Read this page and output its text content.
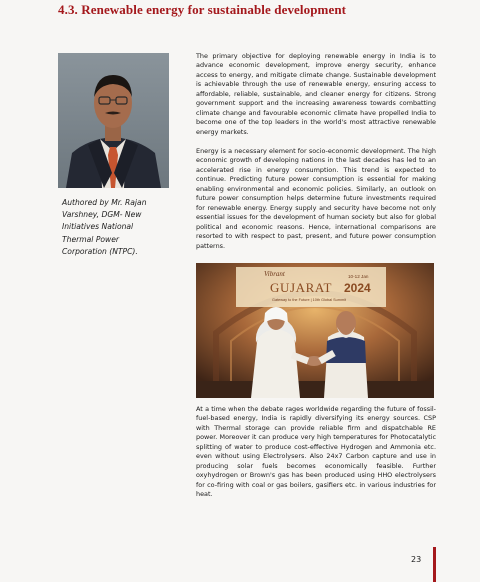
4.3. Renewable energy for sustainable development
Authored by Mr. Rajan Varshney, DGM- New Initiatives National Thermal Power Corporation (NTPC).

The primary objective for deploying renewable energy in India is to advance economic development, improve energy security, enhance access to energy, and mitigate climate change. Sustainable development is achievable through the use of renewable energy, ensuring access to affordable, reliable, sustainable, and cleaner energy for citizens. Strong government support and the increasing awareness towards combatting climate change and favourable economic climate have propelled India to become one of the top leaders in the world's most attractive renewable energy markets.

Energy is a necessary element for socio-economic development. The high economic growth of developing nations in the last decades has led to an accelerated rise in energy consumption. This trend is expected to continue. Predicting future power consumption is essential for making enabling environmental and economic policies. Similarly, an outlook on future power consumption helps determine future investments required for renewable energy. Energy supply and security have become not only essential issues for the development of human society but also for global political and economic reasons. Hence, international comparisons are resorted to with respect to past, present, and future power consumption patterns.

Vibrant
GUJARAT 2024
10-12 Jan
Gateway to the Future | 10th Global Summit

At a time when the debate rages worldwide regarding the future of fossil-fuel-based energy, India is rapidly diversifying its energy sources. CSP with Thermal storage can provide reliable firm and dispatchable RE power. Moreover it can produce very high temperatures for Photocatalytic splitting of water to produce cost-effective Hydrogen and Ammonia etc. even without using Electrolysers. Also 24x7 Carbon capture and use in producing solar fuels becomes economically feasible. Further oxyhydrogen or Brown's gas has been produced using HHO electrolysers for co-firing with coal or gas boilers, gasifiers etc. in various industries for heat.

23
